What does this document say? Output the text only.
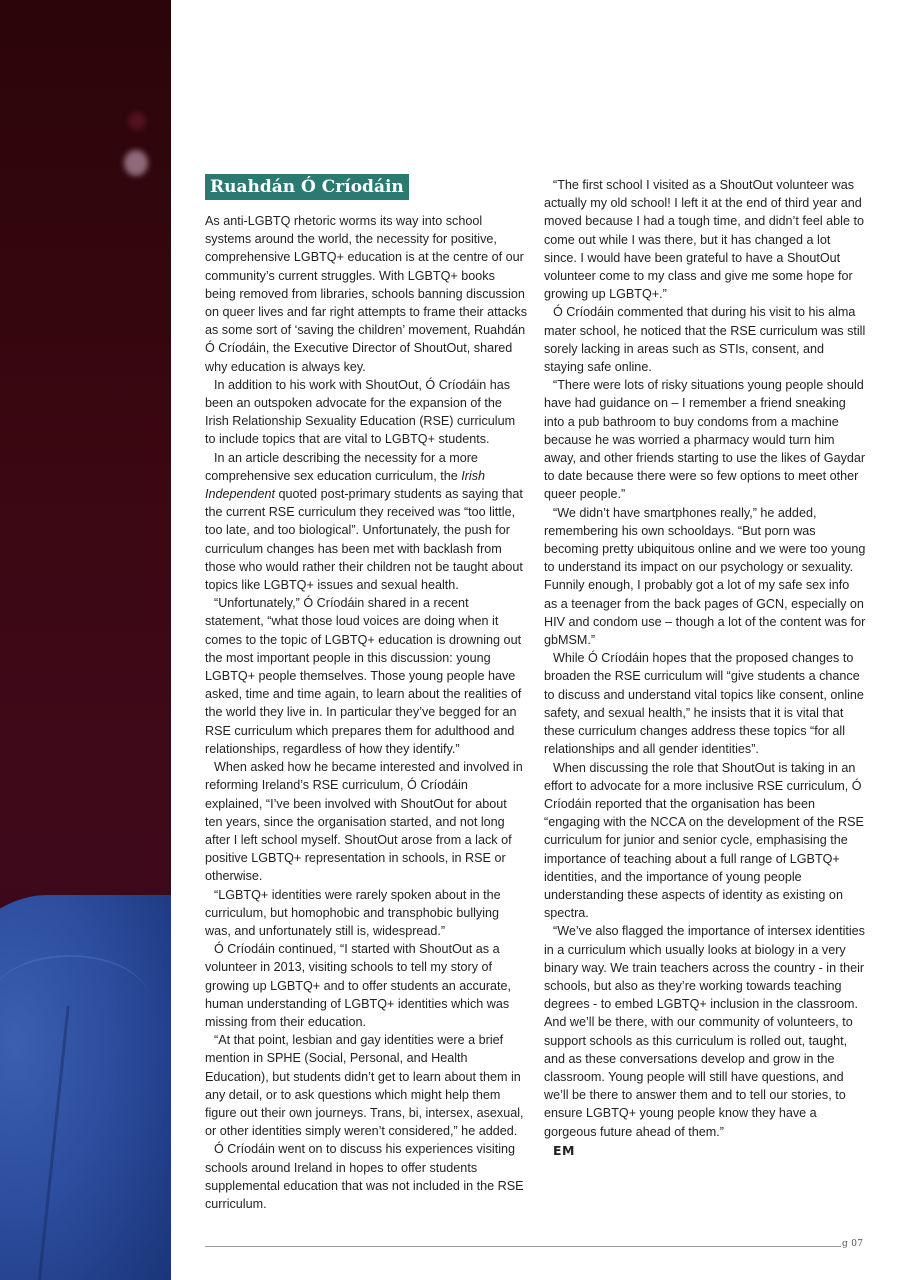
Ruahdán Ó Críodáin

As anti-LGBTQ rhetoric worms its way into school systems around the world, the necessity for positive, comprehensive LGBTQ+ education is at the centre of our community’s current struggles. With LGBTQ+ books being removed from libraries, schools banning discussion on queer lives and far right attempts to frame their attacks as some sort of ‘saving the children’ movement, Ruahdán Ó Críodáin, the Executive Director of ShoutOut, shared why education is always key.

In addition to his work with ShoutOut, Ó Críodáin has been an outspoken advocate for the expansion of the Irish Relationship Sexuality Education (RSE) curriculum to include topics that are vital to LGBTQ+ students.

In an article describing the necessity for a more comprehensive sex education curriculum, the Irish Independent quoted post-primary students as saying that the current RSE curriculum they received was “too little, too late, and too biological”. Unfortunately, the push for curriculum changes has been met with backlash from those who would rather their children not be taught about topics like LGBTQ+ issues and sexual health.

“Unfortunately,” Ó Críodáin shared in a recent statement, “what those loud voices are doing when it comes to the topic of LGBTQ+ education is drowning out the most important people in this discussion: young LGBTQ+ people themselves. Those young people have asked, time and time again, to learn about the realities of the world they live in. In particular they’ve begged for an RSE curriculum which prepares them for adulthood and relationships, regardless of how they identify.”

When asked how he became interested and involved in reforming Ireland’s RSE curriculum, Ó Críodáin explained, “I’ve been involved with ShoutOut for about ten years, since the organisation started, and not long after I left school myself. ShoutOut arose from a lack of positive LGBTQ+ representation in schools, in RSE or otherwise.

“LGBTQ+ identities were rarely spoken about in the curriculum, but homophobic and transphobic bullying was, and unfortunately still is, widespread.”

Ó Críodáin continued, “I started with ShoutOut as a volunteer in 2013, visiting schools to tell my story of growing up LGBTQ+ and to offer students an accurate, human understanding of LGBTQ+ identities which was missing from their education.

“At that point, lesbian and gay identities were a brief mention in SPHE (Social, Personal, and Health Education), but students didn’t get to learn about them in any detail, or to ask questions which might help them figure out their own journeys. Trans, bi, intersex, asexual, or other identities simply weren’t considered,” he added.

Ó Críodáin went on to discuss his experiences visiting schools around Ireland in hopes to offer students supplemental education that was not included in the RSE curriculum.

“The first school I visited as a ShoutOut volunteer was actually my old school! I left it at the end of third year and moved because I had a tough time, and didn’t feel able to come out while I was there, but it has changed a lot since. I would have been grateful to have a ShoutOut volunteer come to my class and give me some hope for growing up LGBTQ+.”

Ó Críodáin commented that during his visit to his alma mater school, he noticed that the RSE curriculum was still sorely lacking in areas such as STIs, consent, and staying safe online.

“There were lots of risky situations young people should have had guidance on – I remember a friend sneaking into a pub bathroom to buy condoms from a machine because he was worried a pharmacy would turn him away, and other friends starting to use the likes of Gaydar to date because there were so few options to meet other queer people.”

“We didn’t have smartphones really,” he added, remembering his own schooldays. “But porn was becoming pretty ubiquitous online and we were too young to understand its impact on our psychology or sexuality. Funnily enough, I probably got a lot of my safe sex info as a teenager from the back pages of GCN, especially on HIV and condom use – though a lot of the content was for gbMSM.”

While Ó Críodáin hopes that the proposed changes to broaden the RSE curriculum will “give students a chance to discuss and understand vital topics like consent, online safety, and sexual health,” he insists that it is vital that these curriculum changes address these topics “for all relationships and all gender identities”.

When discussing the role that ShoutOut is taking in an effort to advocate for a more inclusive RSE curriculum, Ó Críodáin reported that the organisation has been “engaging with the NCCA on the development of the RSE curriculum for junior and senior cycle, emphasising the importance of teaching about a full range of LGBTQ+ identities, and the importance of young people understanding these aspects of identity as existing on spectra.

“We’ve also flagged the importance of intersex identities in a curriculum which usually looks at biology in a very binary way. We train teachers across the country - in their schools, but also as they’re working towards teaching degrees - to embed LGBTQ+ inclusion in the classroom. And we’ll be there, with our community of volunteers, to support schools as this curriculum is rolled out, taught, and as these conversations develop and grow in the classroom. Young people will still have questions, and we’ll be there to answer them and to tell our stories, to ensure LGBTQ+ young people know they have a gorgeous future ahead of them.”

EM
g 07
